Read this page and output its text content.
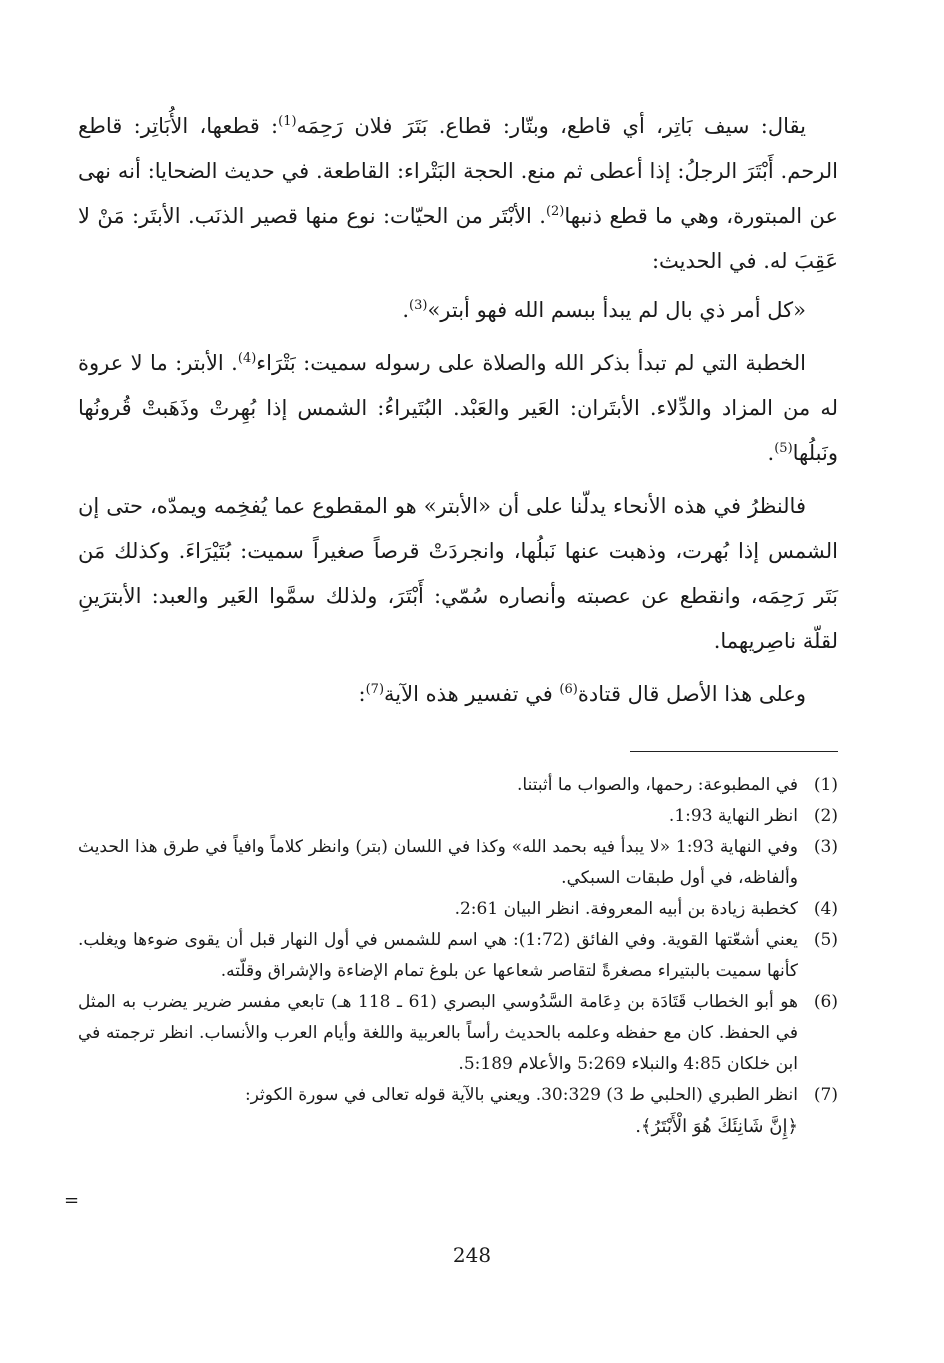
يقال: سيف بَاتِر، أي قاطع، وبتّار: قطاع. بَتَرَ فلان رَحِمَه$^{(1)}$: قطعها، الأُبَاتِر: قاطع الرحم. أَبْتَرَ الرجلُ: إذا أعطى ثم منع. الحجة البَتْراء: القاطعة. في حديث الضحايا: أنه نهى عن المبتورة، وهي ما قطع ذنبها$^{(2)}$. الأبْتَر من الحيّات: نوع منها قصير الذنَب. الأبتَر: مَنْ لا عَقِبَ له. في الحديث:

«كل أمر ذي بال لم يبدأ ببسم الله فهو أبتر»$^{(3)}$.

الخطبة التي لم تبدأ بذكر الله والصلاة على رسوله سميت: بَتْرَاء$^{(4)}$. الأبتر: ما لا عروة له من المزاد والدِّلاء. الأبتَران: العَير والعَبْد. البُتَيراءُ: الشمس إذا بُهِرتْ وذَهَبتْ قُرونُها ونَبلُها$^{(5)}$.

فالنظرُ في هذه الأنحاء يدلّنا على أن «الأبتر» هو المقطوع عما يُفخِمه ويمدّه، حتى إن الشمس إذا بُهرت، وذهبت عنها نَبلُها، وانجردَتْ قرصاً صغيراً سميت: بُتَيْرَاءَ. وكذلك مَن بَتَر رَحِمَه، وانقطع عن عصبته وأنصاره سُمّي: أَبْتَرَ، ولذلك سمَّوا العَير والعبد: الأبترَينِ لقلّة ناصِريهما.

وعلى هذا الأصل قال قتادة$^{(6)}$ في تفسير هذه الآية$^{(7)}$:

(1)
في المطبوعة: رحمها، والصواب ما أثبتنا.
(2)
انظر النهاية 1:93.
(3)
وفي النهاية 1:93 «لا يبدأ فيه بحمد الله» وكذا في اللسان (بتر) وانظر كلاماً وافياً في طرق هذا الحديث وألفاظه، في أول طبقات السبكي.
(4)
كخطبة زيادة بن أبيه المعروفة. انظر البيان 2:61.
(5)
يعني أشعّتها القوية. وفي الفائق (1:72): هي اسم للشمس في أول النهار قبل أن يقوى ضوءها ويغلب. كأنها سميت بالبتيراء مصغرةً لتقاصر شعاعها عن بلوغ تمام الإضاءة والإشراق وقلّته.
(6)
هو أبو الخطاب قَتَادَة بن دِعَامة السَّدُوسي البصري (61 ـ 118 هـ) تابعي مفسر ضرير يضرب به المثل في الحفظ. كان مع حفظه وعلمه بالحديث رأساً بالعربية واللغة وأيام العرب والأنساب. انظر ترجمته في ابن خلكان 4:85 والنبلاء 5:269 والأعلام 5:189.
(7)
انظر الطبري (الحلبي ط 3) 30:329. ويعني بالآية قوله تعالى في سورة الكوثر:
﴿إِنَّ شَانِئَكَ هُوَ الْأَبْتَرُ﴾.
=
248
